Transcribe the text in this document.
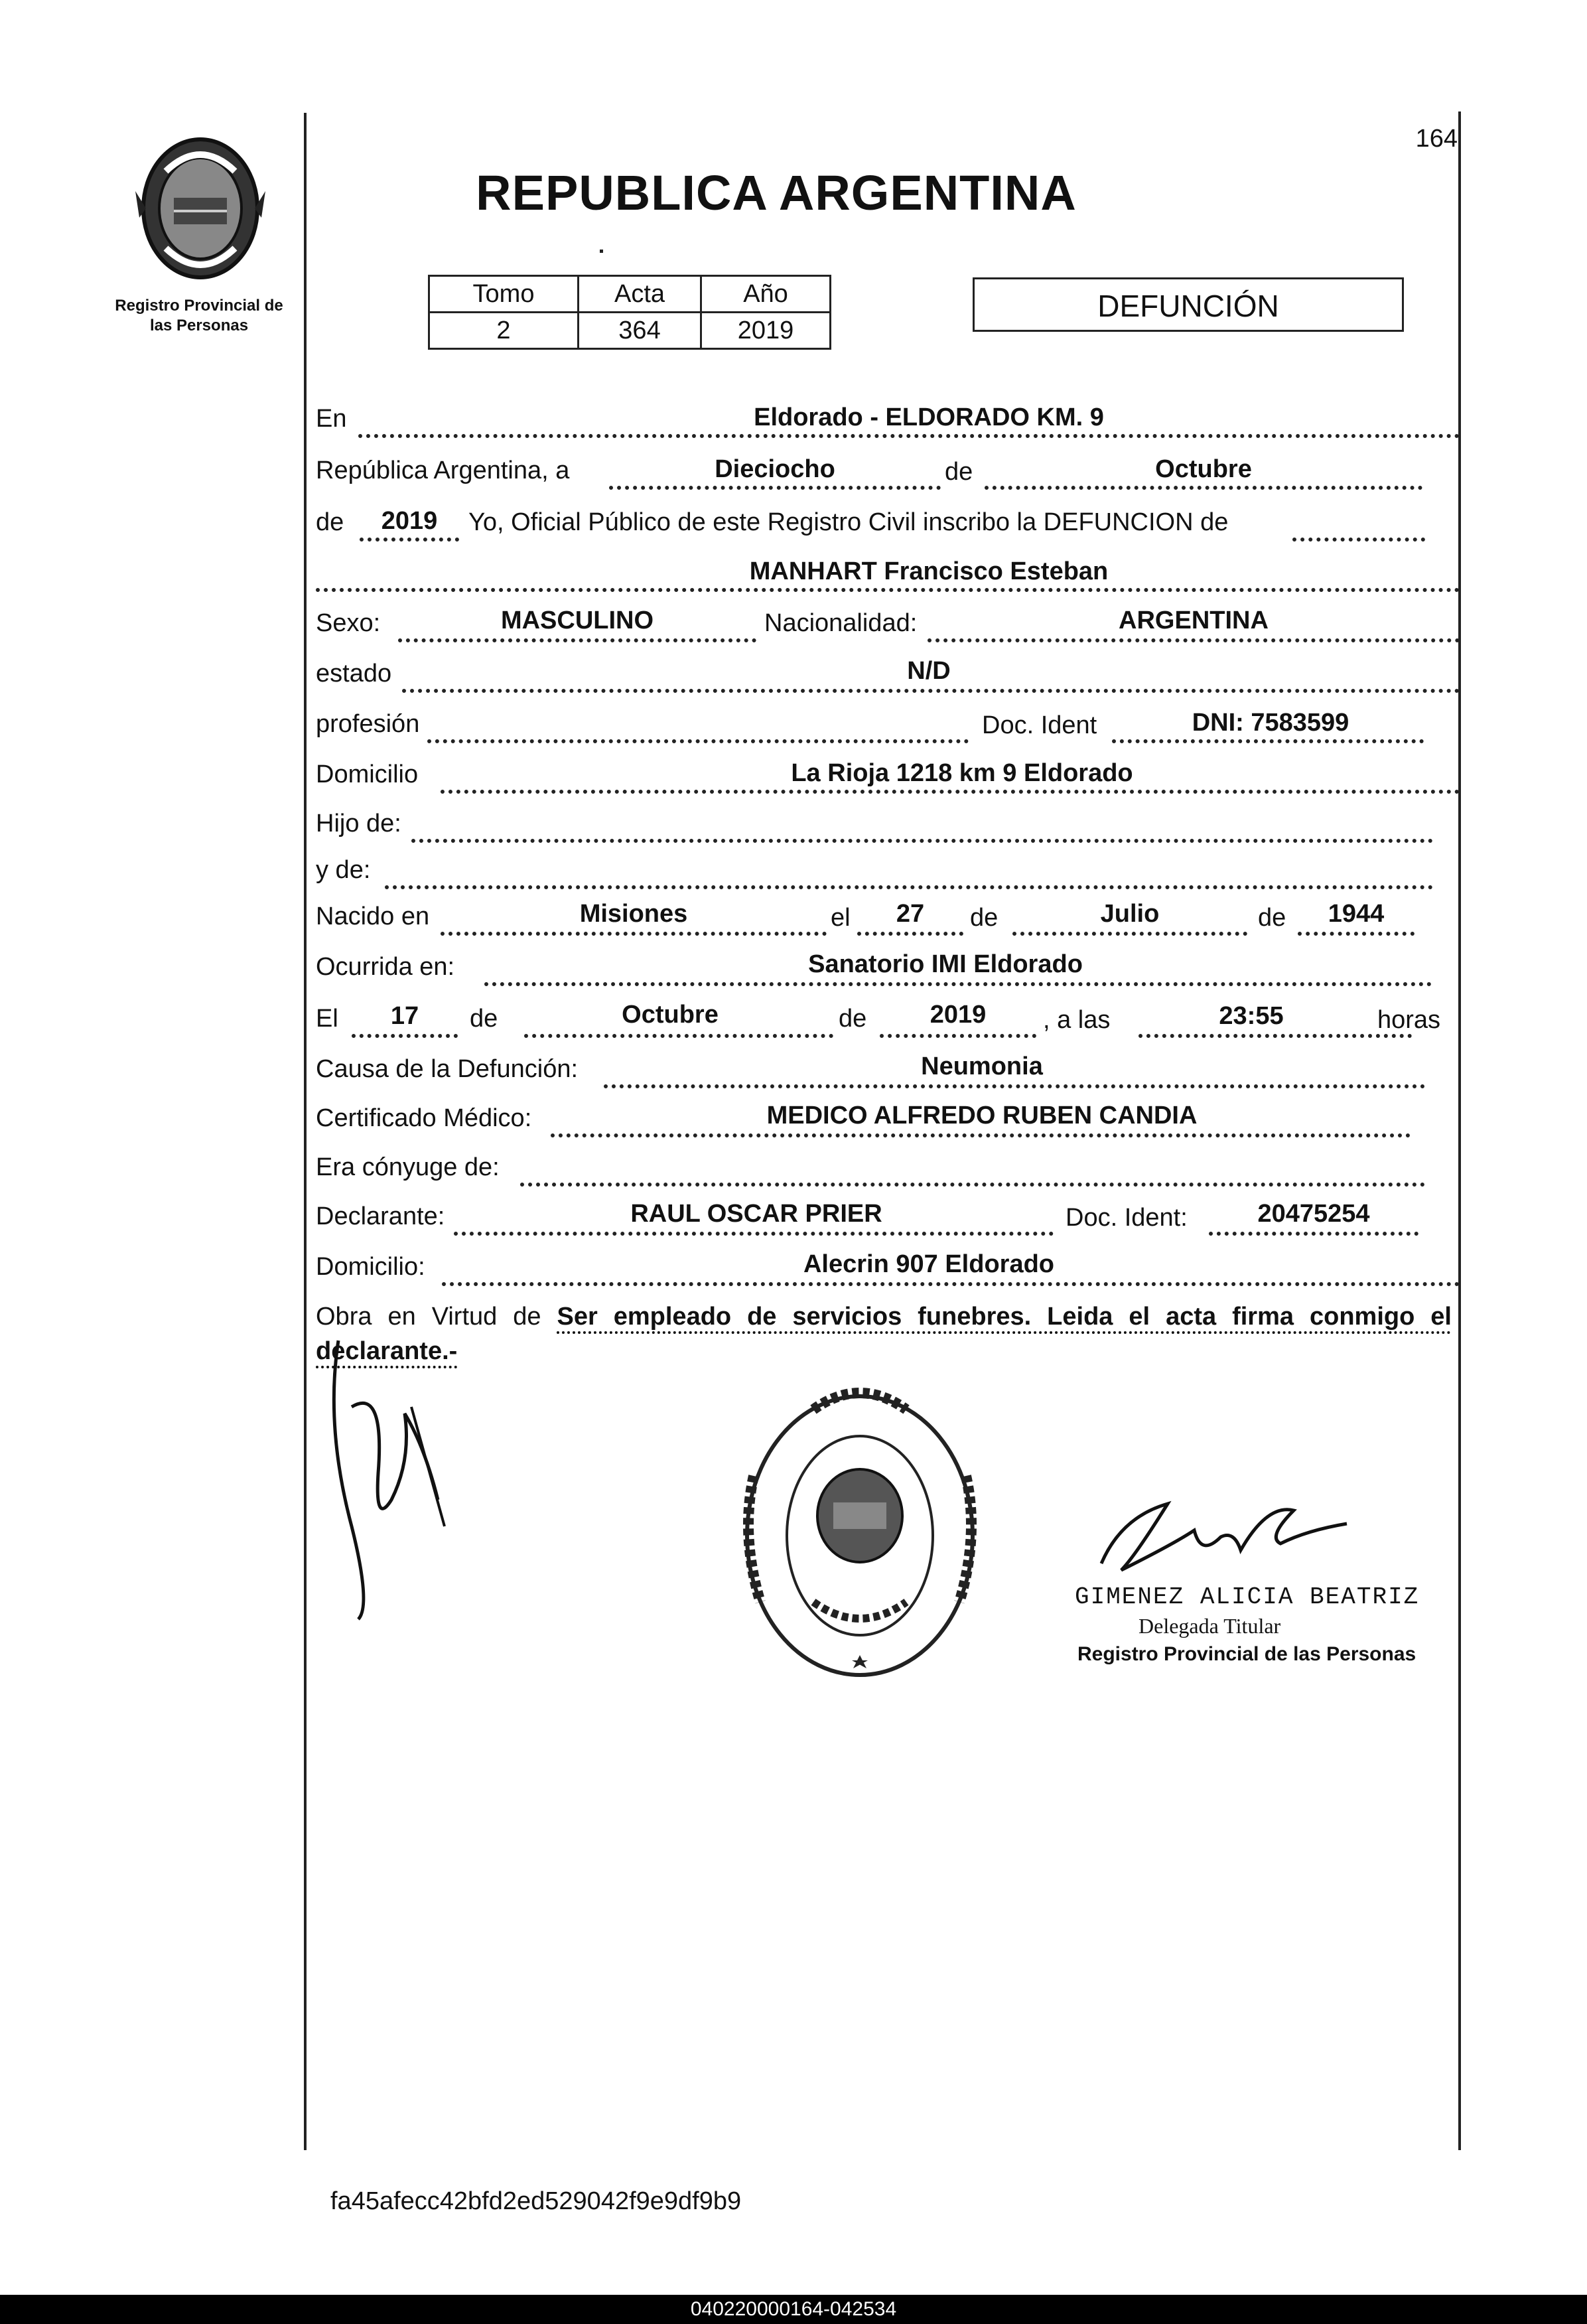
164
Registro Provincial de
las Personas
REPUBLICA ARGENTINA
Tomo	Acta	Año
2	364	2019
DEFUNCIÓN
En	Eldorado - ELDORADO KM. 9
República Argentina, a	Dieciocho	de	Octubre
de	2019	Yo, Oficial Público de este Registro Civil inscribo la DEFUNCION de
MANHART Francisco Esteban
Sexo:	MASCULINO	Nacionalidad:	ARGENTINA
estado	N/D
profesión	Doc. Ident	DNI: 7583599
Domicilio	La Rioja 1218 km 9 Eldorado
Hijo de:
y de:
Nacido en	Misiones	el	27	de	Julio	de	1944
Ocurrida en:	Sanatorio IMI Eldorado
El	17	de	Octubre	de	2019	, a las	23:55	horas
Causa de la Defunción:	Neumonia
Certificado Médico:	MEDICO ALFREDO RUBEN CANDIA
Era cónyuge de:
Declarante:	RAUL OSCAR PRIER	Doc. Ident:	20475254
Domicilio:	Alecrin 907 Eldorado
Obra en Virtud de Ser empleado de servicios funebres. Leida el acta firma conmigo el declarante.-
GIMENEZ ALICIA BEATRIZ
Delegada Titular
Registro Provincial de las Personas
fa45afecc42bfd2ed529042f9e9df9b9
040220000164-042534
